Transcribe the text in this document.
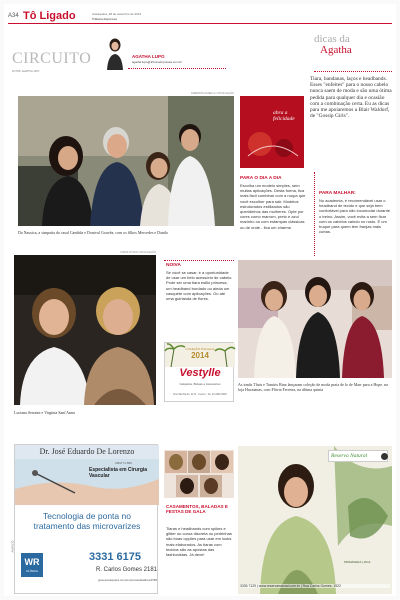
A34 Tô Ligado	Araraquara, 28 de setembro de 2013
Tribuna Impressa
CIRCUITO	AGATHA LUPO
agatha.lupo@tribunaimpressa.com.br
FOTOS: AGATHA LUPO
dicas da
Agatha
Tiara, bandanas, laços e headbands. Esses "enfeites" para o nosso cabelo nunca saem de moda e são uma ótima pedida para qualquer dia e ocasião com a combinação certa. Eu as dicas para me apoiaremos a Blair Waldorf, de "Gossip Girls".
EMERSON ZANELLA / DIVULGAÇÃO
Da Nausica, a simpatia do casal Candida e Donival Gouvêa, com os filhos Mercedes e Danilo
abra a felicidade
PARA O DIA A DIA
Escolha um modelo simples, sem muitas aplicações. Desta forma, fica mais fácil combinar com a roupa que você escolher para sair. Modelos estruturados estilizados são queridinhos das mulheres. Opte por cores como marrom, preto e azul marinho ou com estampas clássicas ou de onde - fica um charme.
PARA MALHAR:
No academia, é recomendável usar o headband de tecido e que seja bem confortável para não incomodar durante o treino. Assim, você evita a sem ficar com os cabelos caindo no rosto. É um truque para quem tem franjas mais curtas.
KIROS FOTOS / DIVULGAÇÃO
Luciana Serraini e Virgínia Sant'Anna
NOIVA
Se você se casar, é a oportunidade de usar um belo acessório de cabelo. Pode ser uma tiara estilo princesa, um headband bordado ou ainda um casquete com aplicações. Ou até uma guirlanda de flores.
COLEÇÃO Primavera
2014
Vestylle
Calçados, Bolsas e Acessórios
Rua São Bento, 2174 - Centro - Tel. 16 3302-5000
As irmãs Thais e Tamiris Bina lançaram coleção de moda praia de lo de Marr para a Hope, na loja Havaianas, com Flávia Ferreira, na última quinta
Dr. José Eduardo De Lorenzo
CRM 71.660
Especialista em Cirurgia Vascular
Tecnologia de ponta no tratamento das microvarizes
ANÚNCIO
WR
CLÍNICA
3331 6175
R. Carlos Gomes 2181
guia.araraquara.com/empresa/delathes3788
CASAMENTOS, BALADAS E FESTAS DE GALA
Tiaras e headbands com spikes e glitter ou coroa discreta ou pedrinhas são boas opções para usar em looks mais elaborados. As tiaras com tecidos são as apostas das fashionistas. Já deve!
Reserva Natural
PRIMAVERA | 2014
3335 7129 | www.reservanatural.com.br | Rua Carlos Gomes, 1922
